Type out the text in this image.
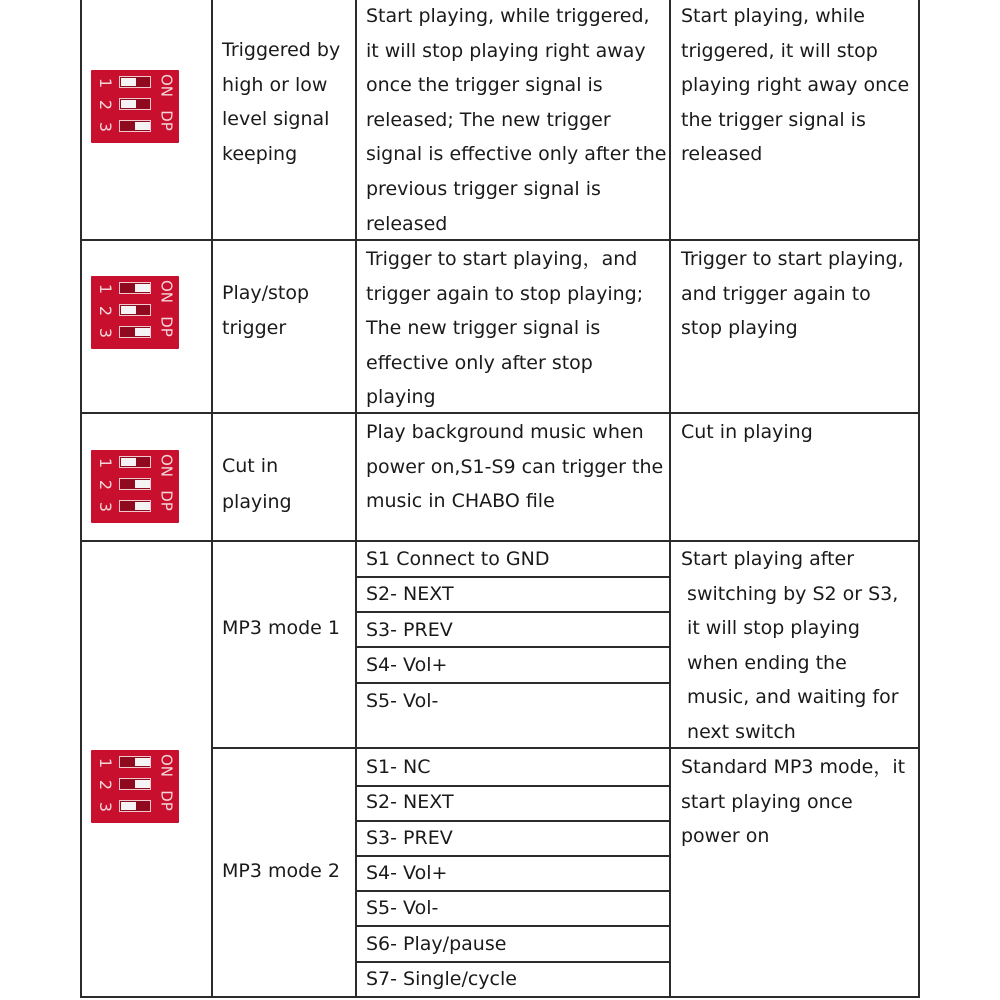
1
2
3
ON
DP
Triggered by
high or low
level signal
keeping
Start playing, while triggered,
it will stop playing right away
once the trigger signal is
released; The new trigger
signal is effective only after the
previous trigger signal is
released
Start playing, while
triggered, it will stop
playing right away once
the trigger signal is
released
1
2
3
ON
DP
Play/stop
trigger
Trigger to start playing，and
trigger again to stop playing;
The new trigger signal is
effective only after stop
playing
Trigger to start playing,
and trigger again to
stop playing
1
2
3
ON
DP
Cut in
playing
Play background music when
power on,S1-S9 can trigger the
music in CHABO file
Cut in playing
1
2
3
ON
DP
MP3 mode 1
MP3 mode 2
S1 Connect to GND
S2- NEXT
S3- PREV
S4- Vol+
S5- Vol-
S1- NC
S2- NEXT
S3- PREV
S4- Vol+
S5- Vol-
S6- Play/pause
S7- Single/cycle
Start playing after
switching by S2 or S3,
it will stop playing
when ending the
music, and waiting for
next switch
Standard MP3 mode，it
start playing once
power on
